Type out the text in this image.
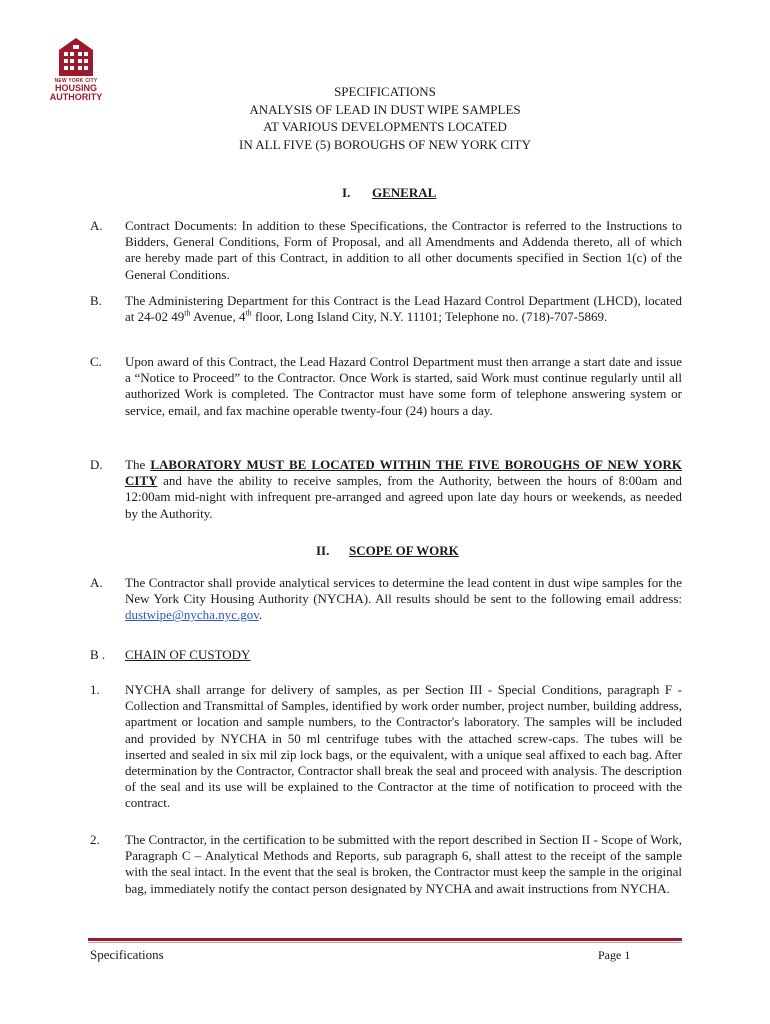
NEW YORK CITY
HOUSING
AUTHORITY	SPECIFICATIONS
ANALYSIS OF LEAD IN DUST WIPE SAMPLES
AT VARIOUS DEVELOPMENTS LOCATED
IN ALL FIVE (5) BOROUGHS OF NEW YORK CITY
I. GENERAL
A. Contract Documents: In addition to these Specifications, the Contractor is referred to the Instructions to Bidders, General Conditions, Form of Proposal, and all Amendments and Addenda thereto, all of which are hereby made part of this Contract, in addition to all other documents specified in Section 1(c) of the General Conditions.
B. The Administering Department for this Contract is the Lead Hazard Control Department (LHCD), located at 24-02 49th Avenue, 4th floor, Long Island City, N.Y. 11101; Telephone no. (718)-707-5869.
C. Upon award of this Contract, the Lead Hazard Control Department must then arrange a start date and issue a “Notice to Proceed” to the Contractor. Once Work is started, said Work must continue regularly until all authorized Work is completed. The Contractor must have some form of telephone answering system or service, email, and fax machine operable twenty-four (24) hours a day.
D. The LABORATORY MUST BE LOCATED WITHIN THE FIVE BOROUGHS OF NEW YORK CITY and have the ability to receive samples, from the Authority, between the hours of 8:00am and 12:00am mid-night with infrequent pre-arranged and agreed upon late day hours or weekends, as needed by the Authority.
II. SCOPE OF WORK
A. The Contractor shall provide analytical services to determine the lead content in dust wipe samples for the New York City Housing Authority (NYCHA). All results should be sent to the following email address: dustwipe@nycha.nyc.gov.
B . CHAIN OF CUSTODY
1. NYCHA shall arrange for delivery of samples, as per Section III - Special Conditions, paragraph F - Collection and Transmittal of Samples, identified by work order number, project number, building address, apartment or location and sample numbers, to the Contractor's laboratory. The samples will be included and provided by NYCHA in 50 ml centrifuge tubes with the attached screw-caps. The tubes will be inserted and sealed in six mil zip lock bags, or the equivalent, with a unique seal affixed to each bag. After determination by the Contractor, Contractor shall break the seal and proceed with analysis. The description of the seal and its use will be explained to the Contractor at the time of notification to proceed with the contract.
2. The Contractor, in the certification to be submitted with the report described in Section II - Scope of Work, Paragraph C – Analytical Methods and Reports, sub paragraph 6, shall attest to the receipt of the sample with the seal intact. In the event that the seal is broken, the Contractor must keep the sample in the original bag, immediately notify the contact person designated by NYCHA and await instructions from NYCHA.
Specifications	Page 1
